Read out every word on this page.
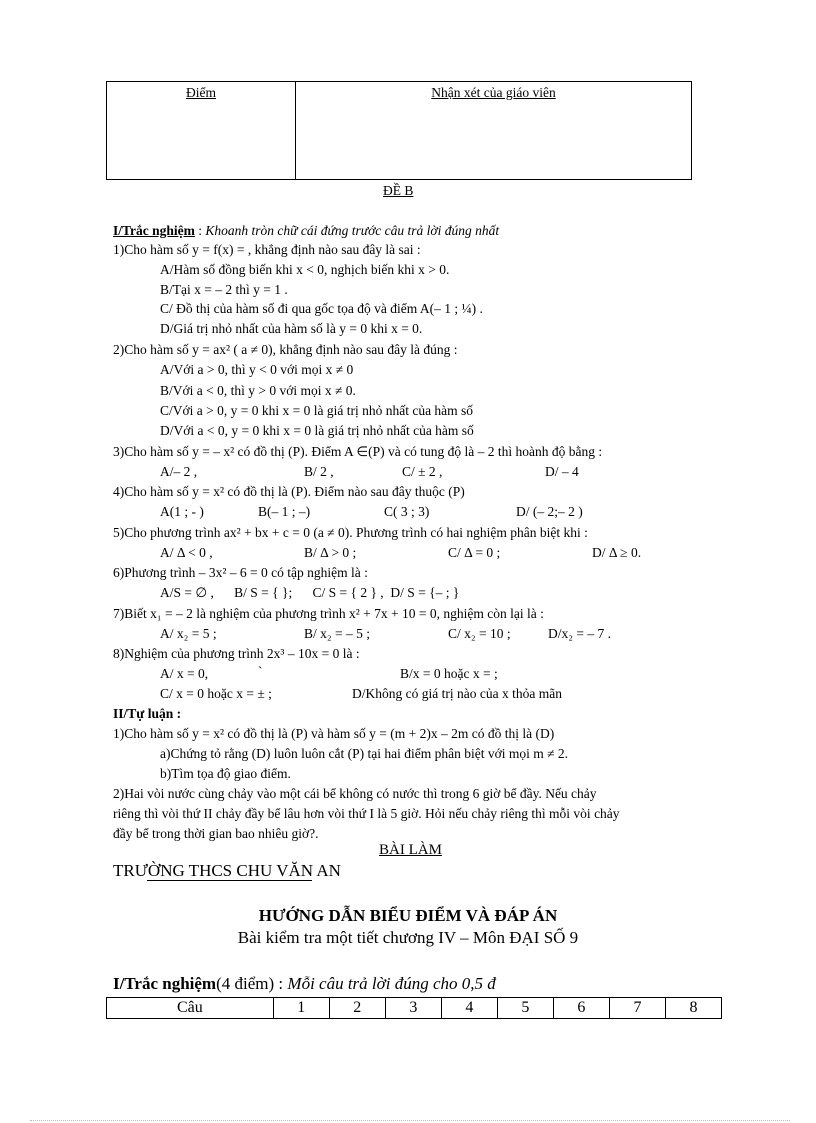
Điểm	Nhận xét của giáo viên
ĐỀ B
I/Trắc nghiệm : Khoanh tròn chữ cái đứng trước câu trả lời đúng nhất
1)Cho hàm số y = f(x) = , khẳng định nào sau đây là sai :
A/Hàm số đồng biến khi x < 0, nghịch biến khi x > 0.
B/Tại x = – 2 thì y = 1 .
C/ Đồ thị của hàm số đi qua gốc tọa độ và điểm A(– 1 ; ¼) .
D/Giá trị nhỏ nhất của hàm số là y = 0 khi x = 0.
2)Cho hàm số y = ax² ( a ≠ 0), khẳng định nào sau đây là đúng :
A/Với a > 0, thì y < 0 với mọi x ≠ 0
B/Với a < 0, thì y > 0 với mọi x ≠ 0.
C/Với a > 0, y = 0 khi x = 0 là giá trị nhỏ nhất của hàm số
D/Với a < 0, y = 0 khi x = 0 là giá trị nhỏ nhất của hàm số
3)Cho hàm số y = – x² có đồ thị (P). Điểm A ∈(P) và có tung độ là – 2 thì hoành độ bằng :
A/– 2 ,	B/ 2 ,	C/ ± 2 ,	D/ – 4
4)Cho hàm số y = x² có đồ thị là (P). Điểm nào sau đây thuộc (P)
A(1 ; - )	B(– 1 ; –)	C( 3 ; 3)	D/ (– 2;– 2 )
5)Cho phương trình ax² + bx + c = 0 (a ≠ 0). Phương trình có hai nghiệm phân biệt khi :
A/ Δ < 0 ,	B/ Δ > 0 ;	C/ Δ = 0 ;	D/ Δ ≥ 0.
6)Phương trình – 3x² – 6 = 0 có tập nghiệm là :
A/S = ∅ ,      B/ S = { };      C/ S = { 2 } ,  D/ S = {– ; }
7)Biết x₁ = – 2 là nghiệm của phương trình x² + 7x + 10 = 0, nghiệm còn lại là :
A/ x₂ = 5 ;	B/ x₂ = – 5 ;	C/ x₂ = 10 ;	D/x₂ = – 7 .
8)Nghiệm của phương trình 2x³ – 10x = 0 là :
A/ x = 0,	`	B/x = 0 hoặc x = ;
C/ x = 0 hoặc x = ± ;	D/Không có giá trị nào của x thỏa mãn
II/Tự luận :
1)Cho hàm số y = x² có đồ thị là (P) và hàm số y = (m + 2)x – 2m có đồ thị là (D)
a)Chứng tỏ rằng (D) luôn luôn cắt (P) tại hai điểm phân biệt với mọi m ≠ 2.
b)Tìm tọa độ giao điểm.
2)Hai vòi nước cùng chảy vào một cái bể không có nước thì trong 6 giờ bể đầy. Nếu chảy
riêng thì vòi thứ II chảy đầy bể lâu hơn vòi thứ I là 5 giờ. Hỏi nếu chảy riêng thì mỗi vòi chảy
đầy bể trong thời gian bao nhiêu giờ?.
BÀI LÀM
TRƯỜNG THCS CHU VĂN AN
HƯỚNG DẪN BIỂU ĐIỂM VÀ ĐÁP ÁN
Bài kiểm tra một tiết chương IV – Môn ĐẠI SỐ 9
I/Trắc nghiệm(4 điểm) : Mỗi câu trả lời đúng cho 0,5 đ
Câu	1	2	3	4	5	6	7	8
